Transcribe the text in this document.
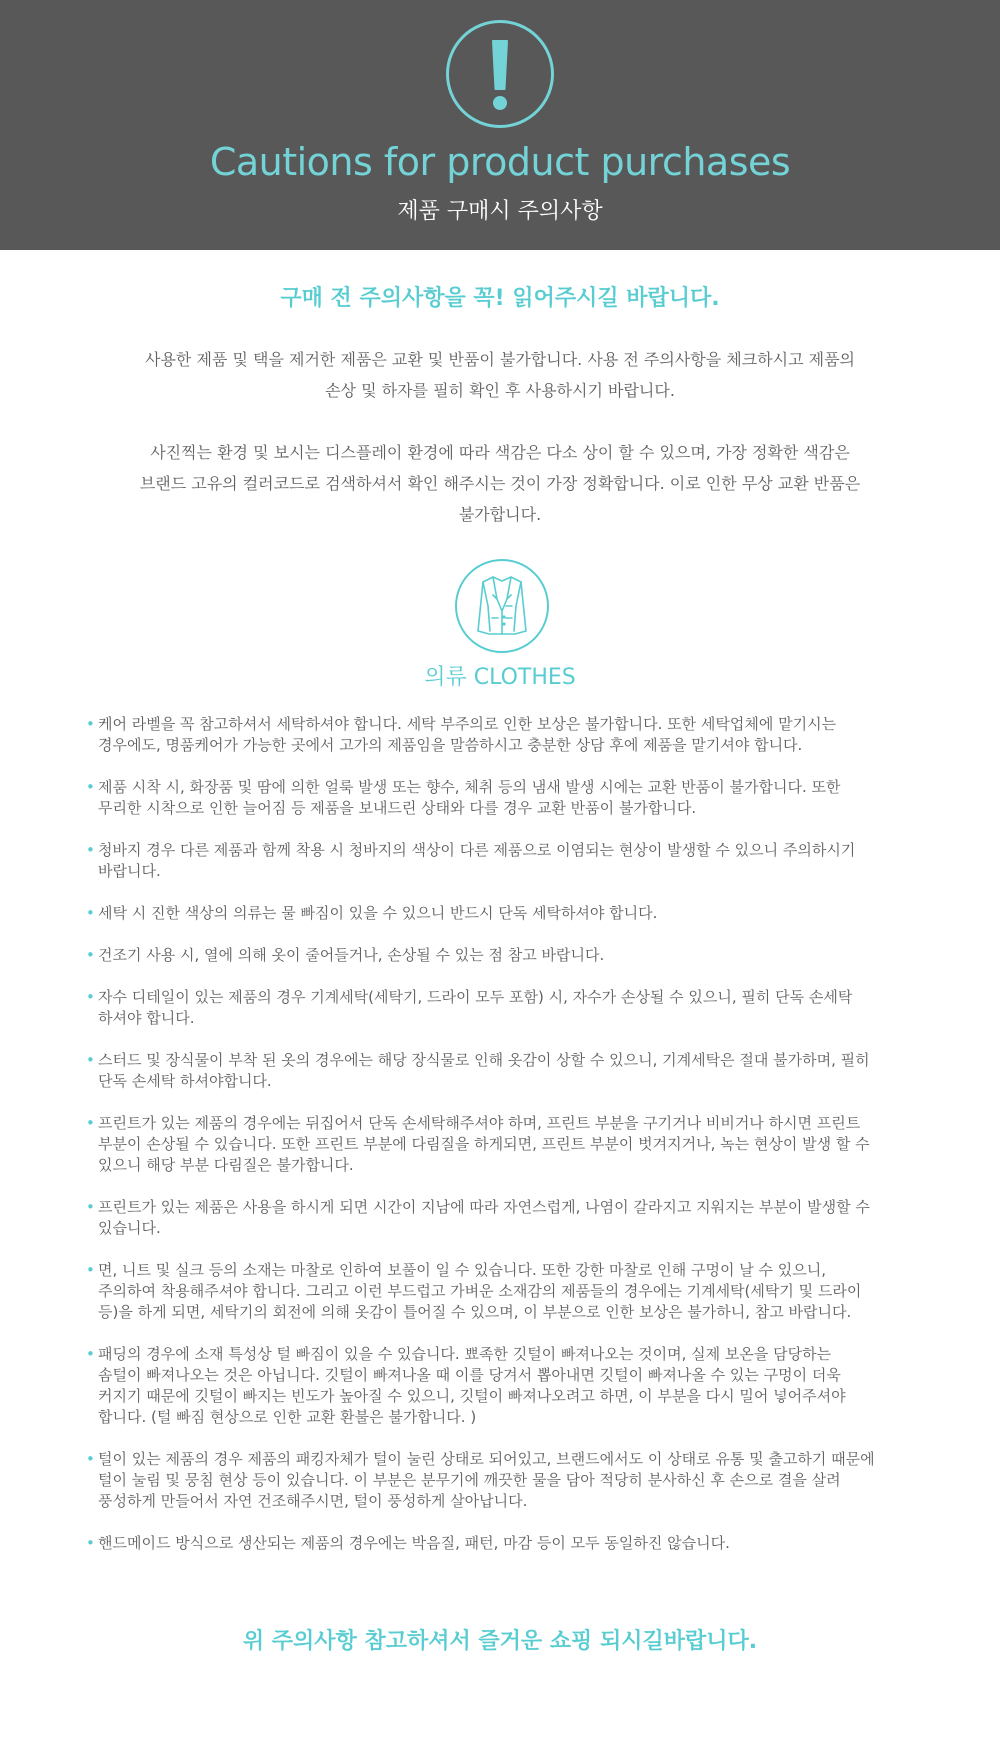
Cautions for product purchases
제품 구매시 주의사항
구매 전 주의사항을 꼭! 읽어주시길 바랍니다.
사용한 제품 및 택을 제거한 제품은 교환 및 반품이 불가합니다. 사용 전 주의사항을 체크하시고 제품의
손상 및 하자를 필히 확인 후 사용하시기 바랍니다.
사진찍는 환경 및 보시는 디스플레이 환경에 따라 색감은 다소 상이 할 수 있으며, 가장 정확한 색감은
브랜드 고유의 컬러코드로 검색하셔서 확인 해주시는 것이 가장 정확합니다. 이로 인한 무상 교환 반품은
불가합니다.
의류 CLOTHES
• 케어 라벨을 꼭 참고하셔서 세탁하셔야 합니다. 세탁 부주의로 인한 보상은 불가합니다. 또한 세탁업체에 맡기시는
경우에도, 명품케어가 가능한 곳에서 고가의 제품임을 말씀하시고 충분한 상담 후에 제품을 맡기셔야 합니다.
• 제품 시착 시, 화장품 및 땀에 의한 얼룩 발생 또는 향수, 체취 등의 냄새 발생 시에는 교환 반품이 불가합니다. 또한
무리한 시착으로 인한 늘어짐 등 제품을 보내드린 상태와 다를 경우 교환 반품이 불가합니다.
• 청바지 경우 다른 제품과 함께 착용 시 청바지의 색상이 다른 제품으로 이염되는 현상이 발생할 수 있으니 주의하시기
바랍니다.
• 세탁 시 진한 색상의 의류는 물 빠짐이 있을 수 있으니 반드시 단독 세탁하셔야 합니다.
• 건조기 사용 시, 열에 의해 옷이 줄어들거나, 손상될 수 있는 점 참고 바랍니다.
• 자수 디테일이 있는 제품의 경우 기계세탁(세탁기, 드라이 모두 포함) 시, 자수가 손상될 수 있으니, 필히 단독 손세탁
하셔야 합니다.
• 스터드 및 장식물이 부착 된 옷의 경우에는 해당 장식물로 인해 옷감이 상할 수 있으니, 기계세탁은 절대 불가하며, 필히
단독 손세탁 하셔야합니다.
• 프린트가 있는 제품의 경우에는 뒤집어서 단독 손세탁해주셔야 하며, 프린트 부분을 구기거나 비비거나 하시면 프린트
부분이 손상될 수 있습니다. 또한 프린트 부분에 다림질을 하게되면, 프린트 부분이 벗겨지거나, 녹는 현상이 발생 할 수
있으니 해당 부분 다림질은 불가합니다.
• 프린트가 있는 제품은 사용을 하시게 되면 시간이 지남에 따라 자연스럽게, 나염이 갈라지고 지워지는 부분이 발생할 수
있습니다.
• 면, 니트 및 실크 등의 소재는 마찰로 인하여 보풀이 일 수 있습니다. 또한 강한 마찰로 인해 구멍이 날 수 있으니,
주의하여 착용해주셔야 합니다. 그리고 이런 부드럽고 가벼운 소재감의 제품들의 경우에는 기계세탁(세탁기 및 드라이
등)을 하게 되면, 세탁기의 회전에 의해 옷감이 틀어질 수 있으며, 이 부분으로 인한 보상은 불가하니, 참고 바랍니다.
• 패딩의 경우에 소재 특성상 털 빠짐이 있을 수 있습니다. 뾰족한 깃털이 빠져나오는 것이며, 실제 보온을 담당하는
솜털이 빠져나오는 것은 아닙니다. 깃털이 빠져나올 때 이를 당겨서 뽑아내면 깃털이 빠져나올 수 있는 구멍이 더욱
커지기 때문에 깃털이 빠지는 빈도가 높아질 수 있으니, 깃털이 빠져나오려고 하면, 이 부분을 다시 밀어 넣어주셔야
합니다. (털 빠짐 현상으로 인한 교환 환불은 불가합니다. )
• 털이 있는 제품의 경우 제품의 패킹자체가 털이 눌린 상태로 되어있고, 브랜드에서도 이 상태로 유통 및 출고하기 때문에
털이 눌림 및 뭉침 현상 등이 있습니다. 이 부분은 분무기에 깨끗한 물을 담아 적당히 분사하신 후 손으로 결을 살려
풍성하게 만들어서 자연 건조해주시면, 털이 풍성하게 살아납니다.
• 핸드메이드 방식으로 생산되는 제품의 경우에는 박음질, 패턴, 마감 등이 모두 동일하진 않습니다.
위 주의사항 참고하셔서 즐거운 쇼핑 되시길바랍니다.
